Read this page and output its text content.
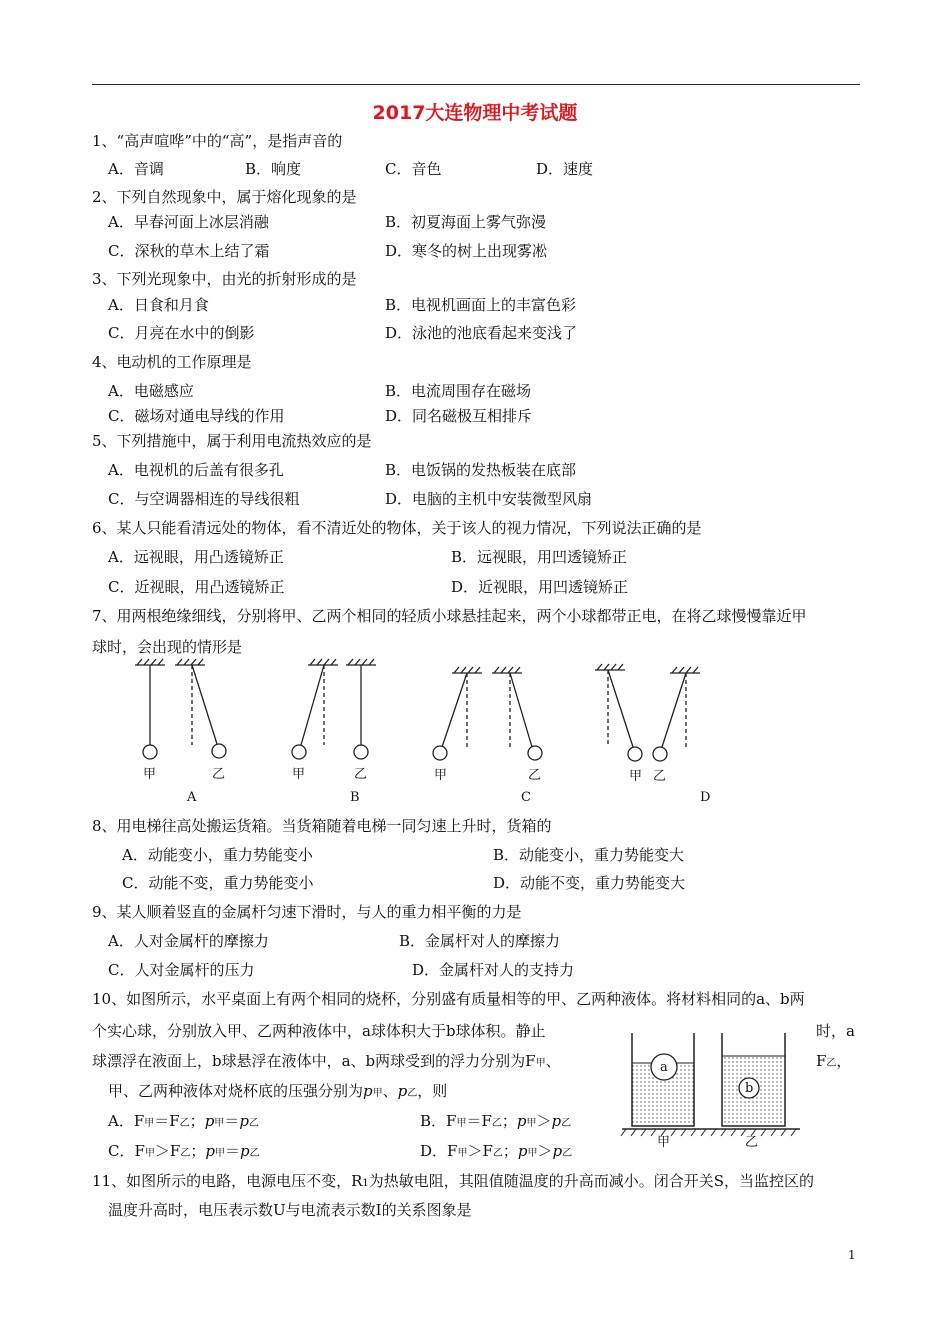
2017大连物理中考试题
1、“高声喧哗”中的“高”，是指声音的
A．音调	B．响度	C．音色	D．速度
2、下列自然现象中，属于熔化现象的是
A．早春河面上冰层消融	B．初夏海面上雾气弥漫
C．深秋的草木上结了霜	D．寒冬的树上出现雾凇
3、下列光现象中，由光的折射形成的是
A．日食和月食	B．电视机画面上的丰富色彩
C．月亮在水中的倒影	D．泳池的池底看起来变浅了
4、电动机的工作原理是
A．电磁感应	B．电流周围存在磁场
C．磁场对通电导线的作用	D．同名磁极互相排斥
5、下列措施中，属于利用电流热效应的是
A．电视机的后盖有很多孔	B．电饭锅的发热板装在底部
C．与空调器相连的导线很粗	D．电脑的主机中安装微型风扇
6、某人只能看清远处的物体，看不清近处的物体，关于该人的视力情况，下列说法正确的是
A．远视眼，用凸透镜矫正	B．远视眼，用凹透镜矫正
C．近视眼，用凸透镜矫正	D．近视眼，用凹透镜矫正
7、用两根绝缘细线，分别将甲、乙两个相同的轻质小球悬挂起来，两个小球都带正电，在将乙球慢慢靠近甲
球时，会出现的情形是
甲	乙	甲	乙	甲	乙	甲 乙
A	B	C	D
8、用电梯往高处搬运货箱。当货箱随着电梯一同匀速上升时，货箱的
A．动能变小，重力势能变小	B．动能变小，重力势能变大
C．动能不变，重力势能变小	D．动能不变，重力势能变大
9、某人顺着竖直的金属杆匀速下滑时，与人的重力相平衡的力是
A．人对金属杆的摩擦力	B．金属杆对人的摩擦力
C．人对金属杆的压力	D．金属杆对人的支持力
10、如图所示，水平桌面上有两个相同的烧杯，分别盛有质量相等的甲、乙两种液体。将材料相同的a、b两
个实心球，分别放入甲、乙两种液体中，a球体积大于b球体积。静止	时，a
球漂浮在液面上，b球悬浮在液体中，a、b两球受到的浮力分别为F甲、	F乙，
甲、乙两种液体对烧杯底的压强分别为p甲、p乙，则
A．F甲＝F乙；p甲＝p乙	B．F甲＝F乙；p甲＞p乙
C．F甲＞F乙；p甲＝p乙	D．F甲＞F乙；p甲＞p乙
a
b
甲	乙
11、如图所示的电路，电源电压不变，R1为热敏电阻，其阻值随温度的升高而减小。闭合开关S，当监控区的
温度升高时，电压表示数U与电流表示数I的关系图象是
1
